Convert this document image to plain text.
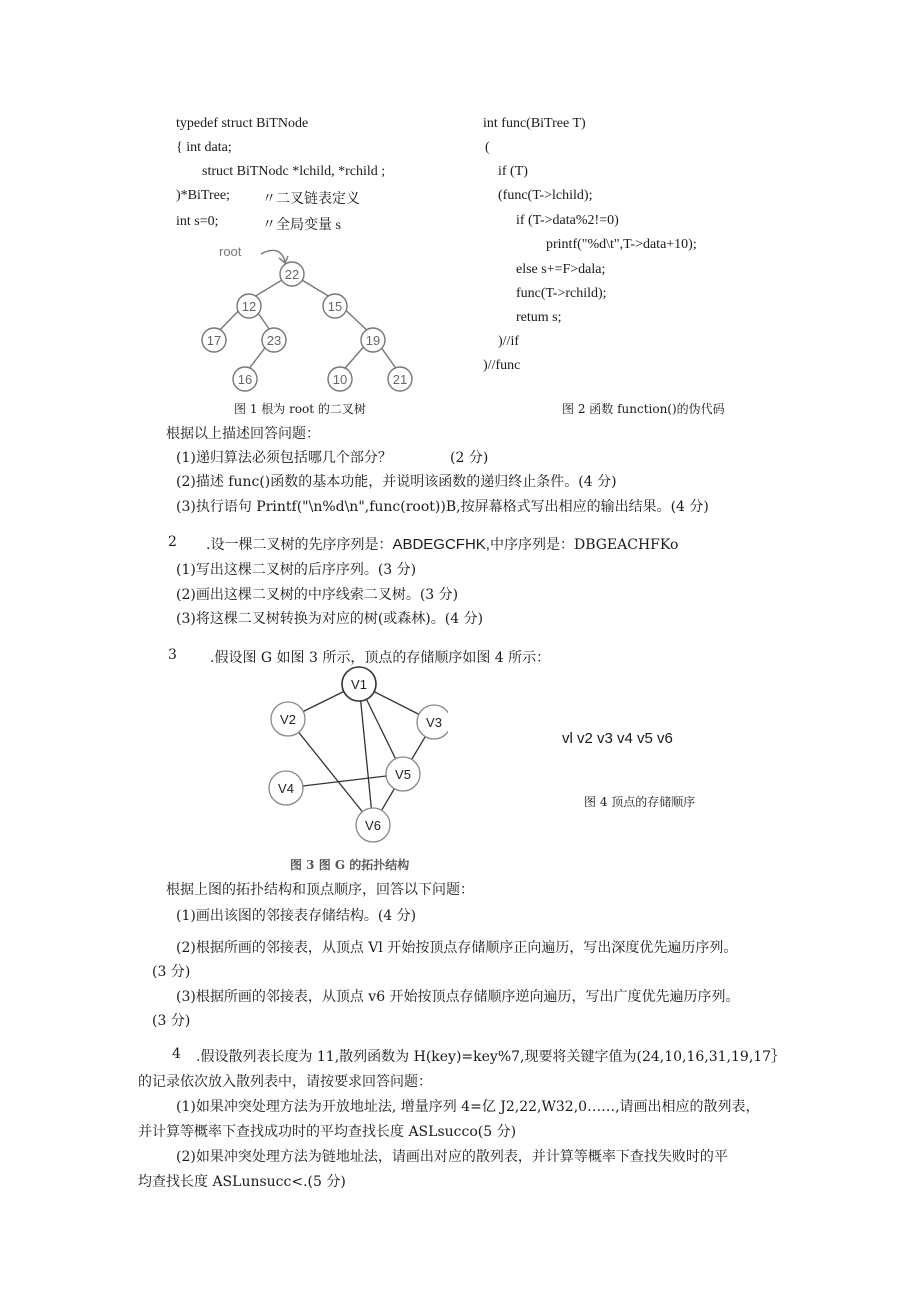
typedef struct BiTNode
{ int data;
struct BiTNodc *lchild, *rchild ;
)*BiTree; 〃二叉链表定义
int s=0;	〃全局变量 s
int func(BiTree T)
(
if (T)
(func(T->lchild);
if (T->data%2!=0)
printf("%d\t",T->data+10);
else s+=F>dala;
func(T->rchild);
retum s;
)//if
)//func
root
22
12	15
17	23	19
16	10	21
图 1 根为 root 的二叉树	图 2 函数 function()的伪代码
根据以上描述回答问题：
(1)递归算法必须包括哪几个部分？	(2 分)
(2)描述 func()函数的基本功能，并说明该函数的递归终止条件。(4 分)
(3)执行语句 Printf("\n%d\n",func(root))B,按屏幕格式写出相应的输出结果。(4 分)
2 .设一棵二叉树的先序序列是：ABDEGCFHK,中序序列是：DBGEACHFKo
(1)写出这棵二叉树的后序序列。(3 分)
(2)画出这棵二叉树的中序线索二叉树。(3 分)
(3)将这棵二叉树转换为对应的树(或森林)。(4 分)
3 .假设图 G 如图 3 所示，顶点的存储顺序如图 4 所示：
V1
V2	V3
V4
V5
V6
图 3 图 G 的拓扑结构
vl v2 v3 v4 v5 v6
图 4 顶点的存储顺序
根据上图的拓扑结构和顶点顺序，回答以下问题：
(1)画出该图的邻接表存储结构。(4 分)
(2)根据所画的邻接表，从顶点 Vl 开始按顶点存储顺序正向遍历，写出深度优先遍历序列。
(3 分)
(3)根据所画的邻接表，从顶点 v6 开始按顶点存储顺序逆向遍历，写出广度优先遍历序列。
(3 分)
4 .假设散列表长度为 11,散列函数为 H(key)=key%7,现要将关键字值为(24,10,16,31,19,17｝
的记录依次放入散列表中，请按要求回答问题：
(1)如果冲突处理方法为开放地址法, 增量序列 4=亿 J2,22,W32,0……,请画出相应的散列表，
并计算等概率下查找成功时的平均查找长度 ASLsucco(5 分)
(2)如果冲突处理方法为链地址法，请画出对应的散列表，并计算等概率下查找失败时的平
均查找长度 ASLunsucc<.(5 分)
